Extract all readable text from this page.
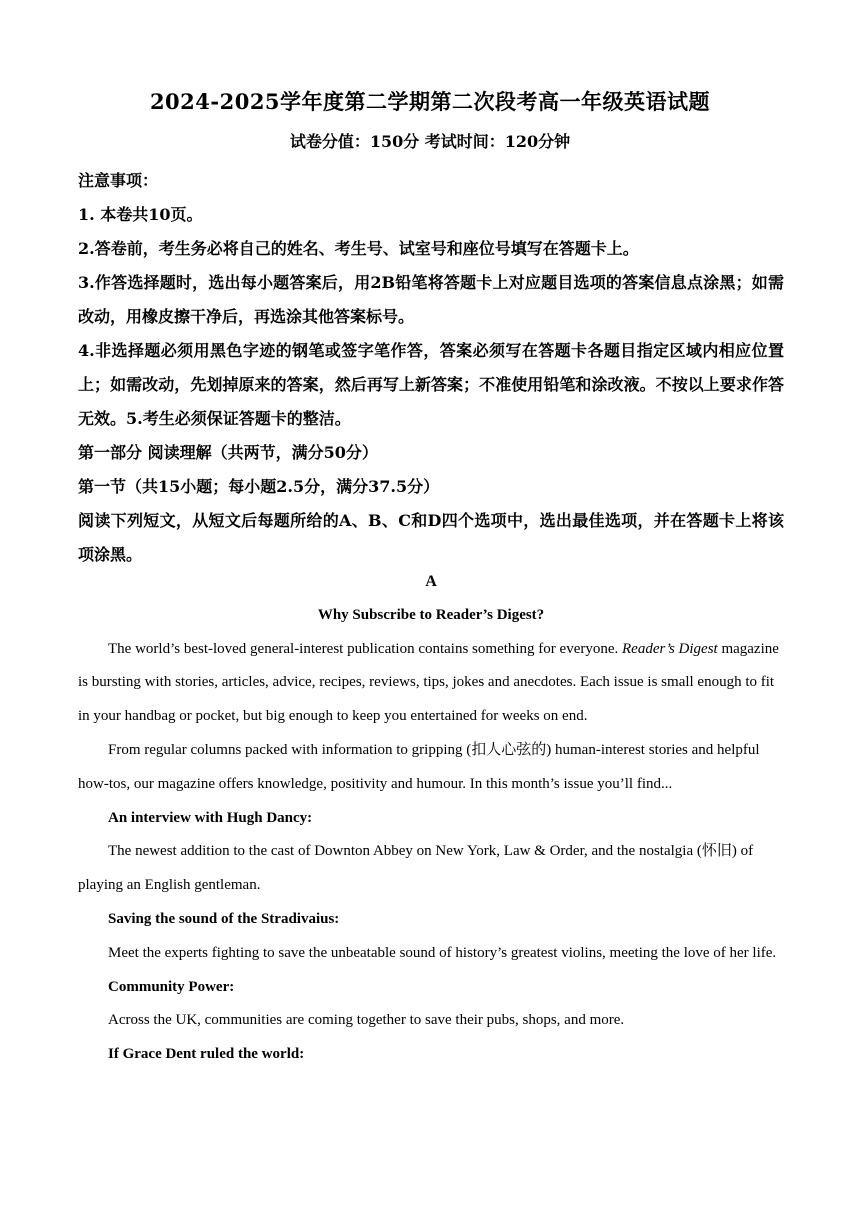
2024-2025学年度第二学期第二次段考高一年级英语试题
试卷分值：150分 考试时间：120分钟

注意事项：

1. 本卷共10页。

2.答卷前，考生务必将自己的姓名、考生号、试室号和座位号填写在答题卡上。

3.作答选择题时，选出每小题答案后，用2B铅笔将答题卡上对应题目选项的答案信息点涂黑；如需改动，用橡皮擦干净后，再选涂其他答案标号。

4.非选择题必须用黑色字迹的钢笔或签字笔作答，答案必须写在答题卡各题目指定区域内相应位置上；如需改动，先划掉原来的答案，然后再写上新答案；不准使用铅笔和涂改液。不按以上要求作答无效。5.考生必须保证答题卡的整洁。

第一部分 阅读理解（共两节，满分50分）

第一节（共15小题；每小题2.5分，满分37.5分）

阅读下列短文，从短文后每题所给的A、B、C和D四个选项中，选出最佳选项，并在答题卡上将该项涂黑。

A

Why Subscribe to Reader’s Digest?

The world’s best-loved general-interest publication contains something for everyone. Reader’s Digest magazine is bursting with stories, articles, advice, recipes, reviews, tips, jokes and anecdotes. Each issue is small enough to fit in your handbag or pocket, but big enough to keep you entertained for weeks on end.

From regular columns packed with information to gripping (扣人心弦的) human-interest stories and helpful how-tos, our magazine offers knowledge, positivity and humour. In this month’s issue you’ll find...

An interview with Hugh Dancy:

The newest addition to the cast of Downton Abbey on New York, Law & Order, and the nostalgia (怀旧) of playing an English gentleman.

Saving the sound of the Stradivaius:

Meet the experts fighting to save the unbeatable sound of history’s greatest violins, meeting the love of her life.

Community Power:

Across the UK, communities are coming together to save their pubs, shops, and more.

If Grace Dent ruled the world:
